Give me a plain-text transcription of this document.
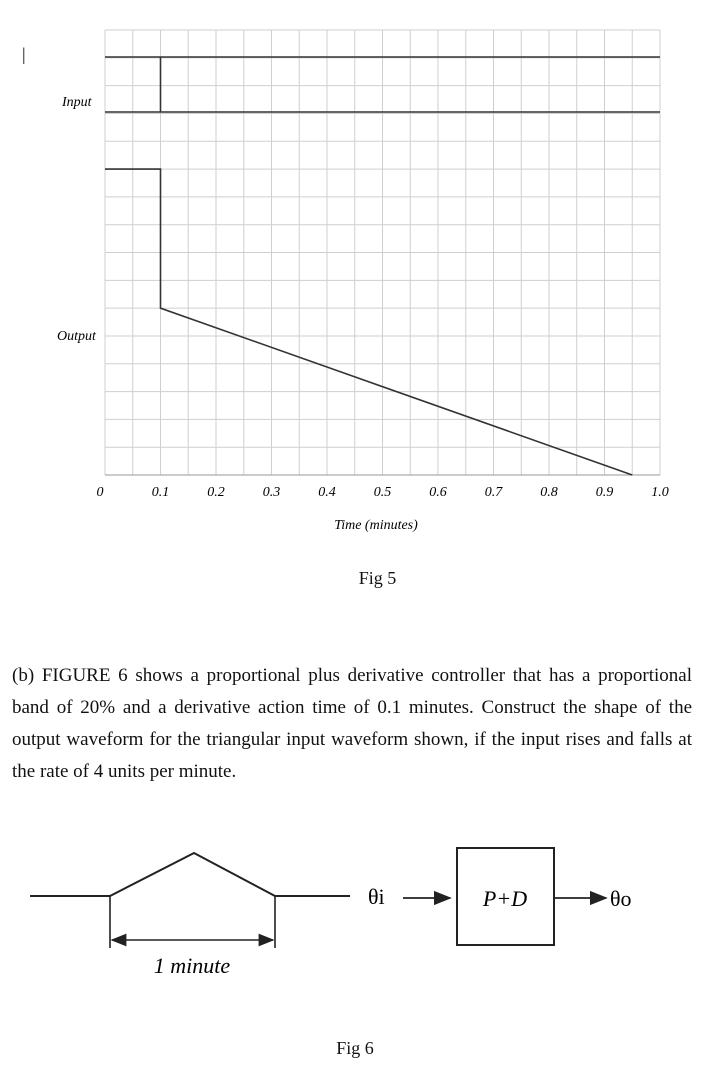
|
0	0.1	0.2	0.3	0.4	0.5	0.6	0.7	0.8	0.9	1.0
Input
Output
Time (minutes)
Fig 5
(b) FIGURE 6 shows a proportional plus derivative controller that has a proportional band of 20% and a derivative action time of 0.1 minutes. Construct the shape of the output waveform for the triangular input waveform shown, if the input rises and falls at the rate of 4 units per minute.
1 minute
θi	P+D	θo
Fig 6
